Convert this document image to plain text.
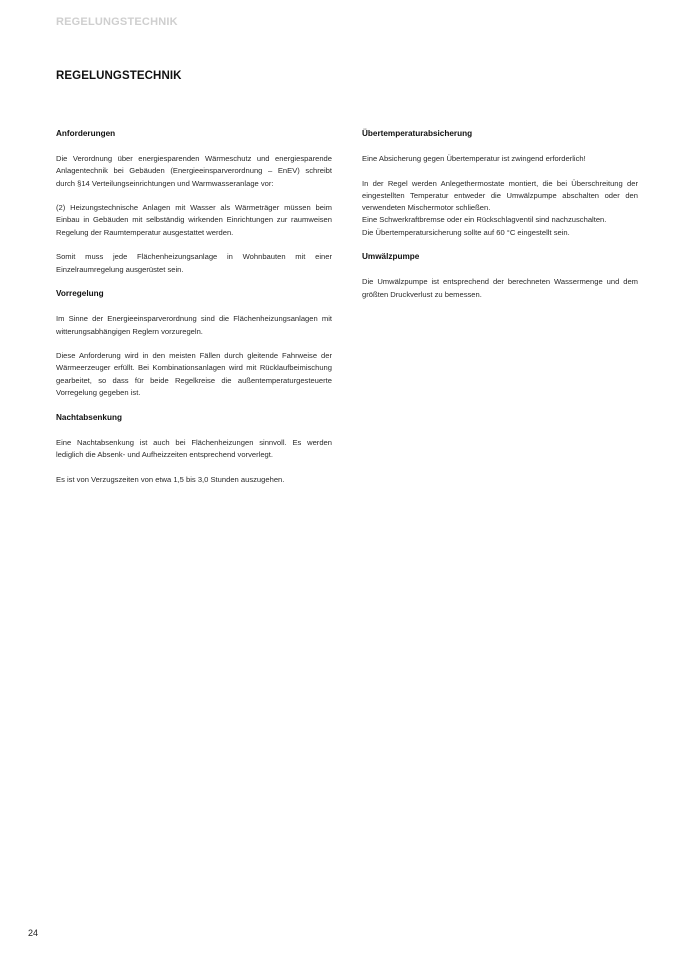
REGELUNGSTECHNIK
REGELUNGSTECHNIK
Anforderungen

Die Verordnung über energiesparenden Wärmeschutz und energiesparende Anlagentechnik bei Gebäuden (Energieeinsparverordnung – EnEV) schreibt durch §14 Verteilungseinrichtungen und Warmwasseranlage vor:

(2) Heizungstechnische Anlagen mit Wasser als Wärmeträger müssen beim Einbau in Gebäuden mit selbständig wirkenden Einrichtungen zur raumweisen Regelung der Raumtemperatur ausgestattet werden.

Somit muss jede Flächenheizungsanlage in Wohnbauten mit einer Einzelraumregelung ausgerüstet sein.

Vorregelung

Im Sinne der Energieeinsparverordnung sind die Flächenheizungsanlagen mit witterungsabhängigen Reglern vorzuregeln.

Diese Anforderung wird in den meisten Fällen durch gleitende Fahrweise der Wärmeerzeuger erfüllt. Bei Kombinationsanlagen wird mit Rücklaufbeimischung gearbeitet, so dass für beide Regelkreise die außentemperaturgesteuerte Vorregelung gegeben ist.

Nachtabsenkung

Eine Nachtabsenkung ist auch bei Flächenheizungen sinnvoll. Es werden lediglich die Absenk- und Aufheizzeiten entsprechend vorverlegt.

Es ist von Verzugszeiten von etwa 1,5 bis 3,0 Stunden auszugehen.

Übertemperaturabsicherung

Eine Absicherung gegen Übertemperatur ist zwingend erforderlich!

In der Regel werden Anlegethermostate montiert, die bei Überschreitung der eingestellten Temperatur entweder die Umwälzpumpe abschalten oder den verwendeten Mischermotor schließen.

Eine Schwerkraftbremse oder ein Rückschlagventil sind nachzuschalten.

Die Übertemperatursicherung sollte auf 60 °C eingestellt sein.

Umwälzpumpe

Die Umwälzpumpe ist entsprechend der berechneten Wassermenge und dem größten Druckverlust zu bemessen.

24
